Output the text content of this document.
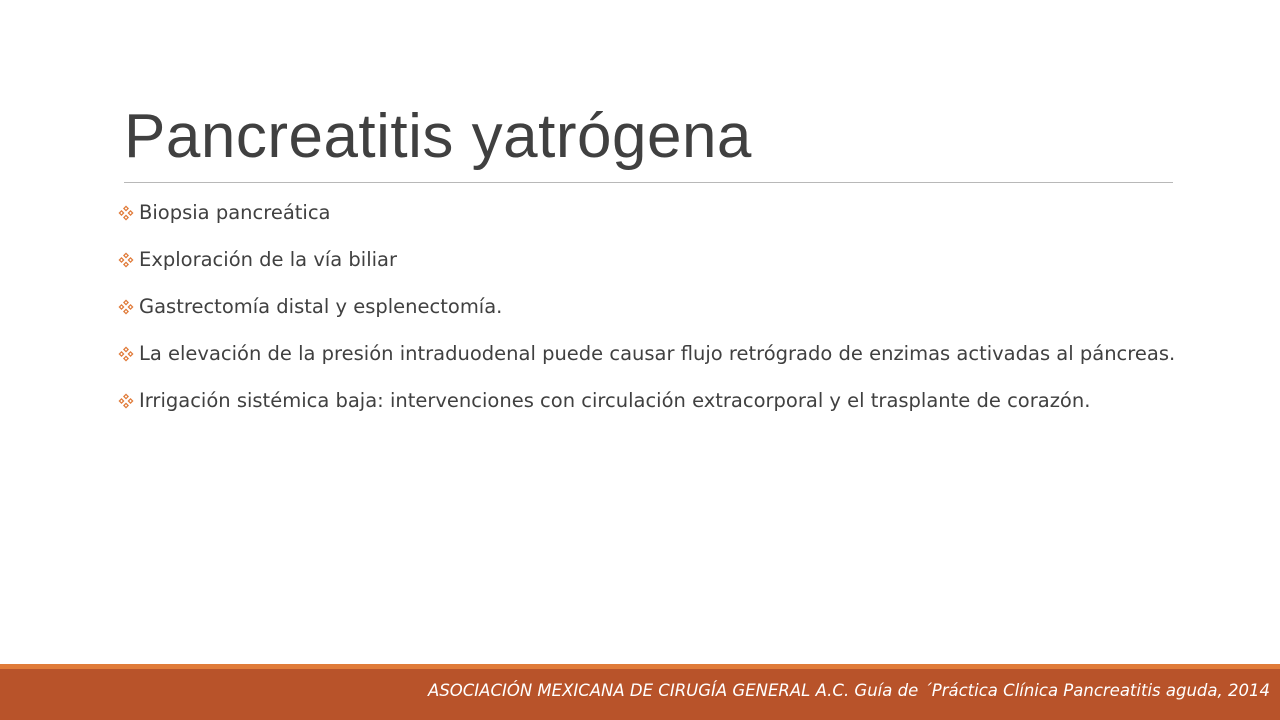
Pancreatitis yatrógena
Biopsia pancreática
Exploración de la vía biliar
Gastrectomía distal y esplenectomía.
La elevación de la presión intraduodenal puede causar flujo retrógrado de enzimas activadas al páncreas.
Irrigación sistémica baja: intervenciones con circulación extracorporal y el trasplante de corazón.
ASOCIACIÓN MEXICANA DE CIRUGÍA GENERAL A.C. Guía de ´Práctica Clínica Pancreatitis aguda, 2014
